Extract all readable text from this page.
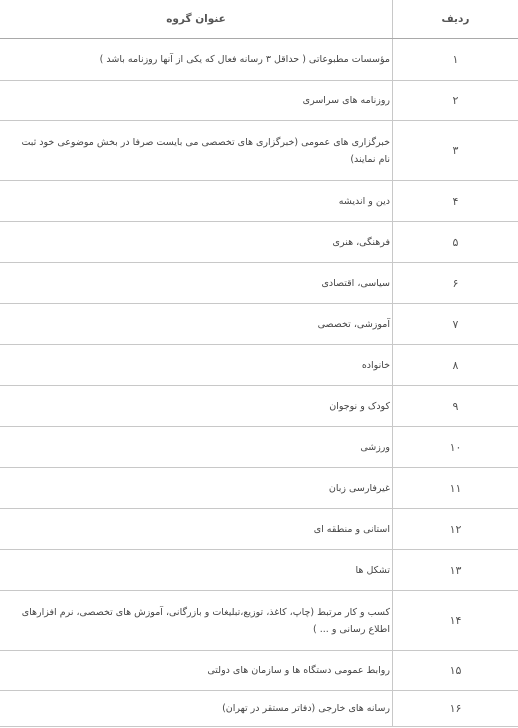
ردیف	عنوان گروه
۱	مؤسسات مطبوعاتی ( حداقل ۳ رسانه فعال که یکی از آنها روزنامه باشد )
۲	روزنامه های سراسری
۳	خبرگزاری های عمومی (خبرگزاری های تخصصی می بایست صرفا در بخش موضوعی خود ثبت نام نمایند)
۴	دین و اندیشه
۵	فرهنگی، هنری
۶	سیاسی، اقتصادی
۷	آموزشی، تخصصی
۸	خانواده
۹	کودک و نوجوان
۱۰	ورزشی
۱۱	غیرفارسی زبان
۱۲	استانی و منطقه ای
۱۳	تشکل ها
۱۴	کسب و کار مرتبط (چاپ، کاغذ، توزیع،تبلیغات و بازرگانی، آموزش های تخصصی، نرم افزارهای اطلاع رسانی و ... )
۱۵	روابط عمومی دستگاه ها و سازمان های دولتی
۱۶	رسانه های خارجی (دفاتر مستقر در تهران)
